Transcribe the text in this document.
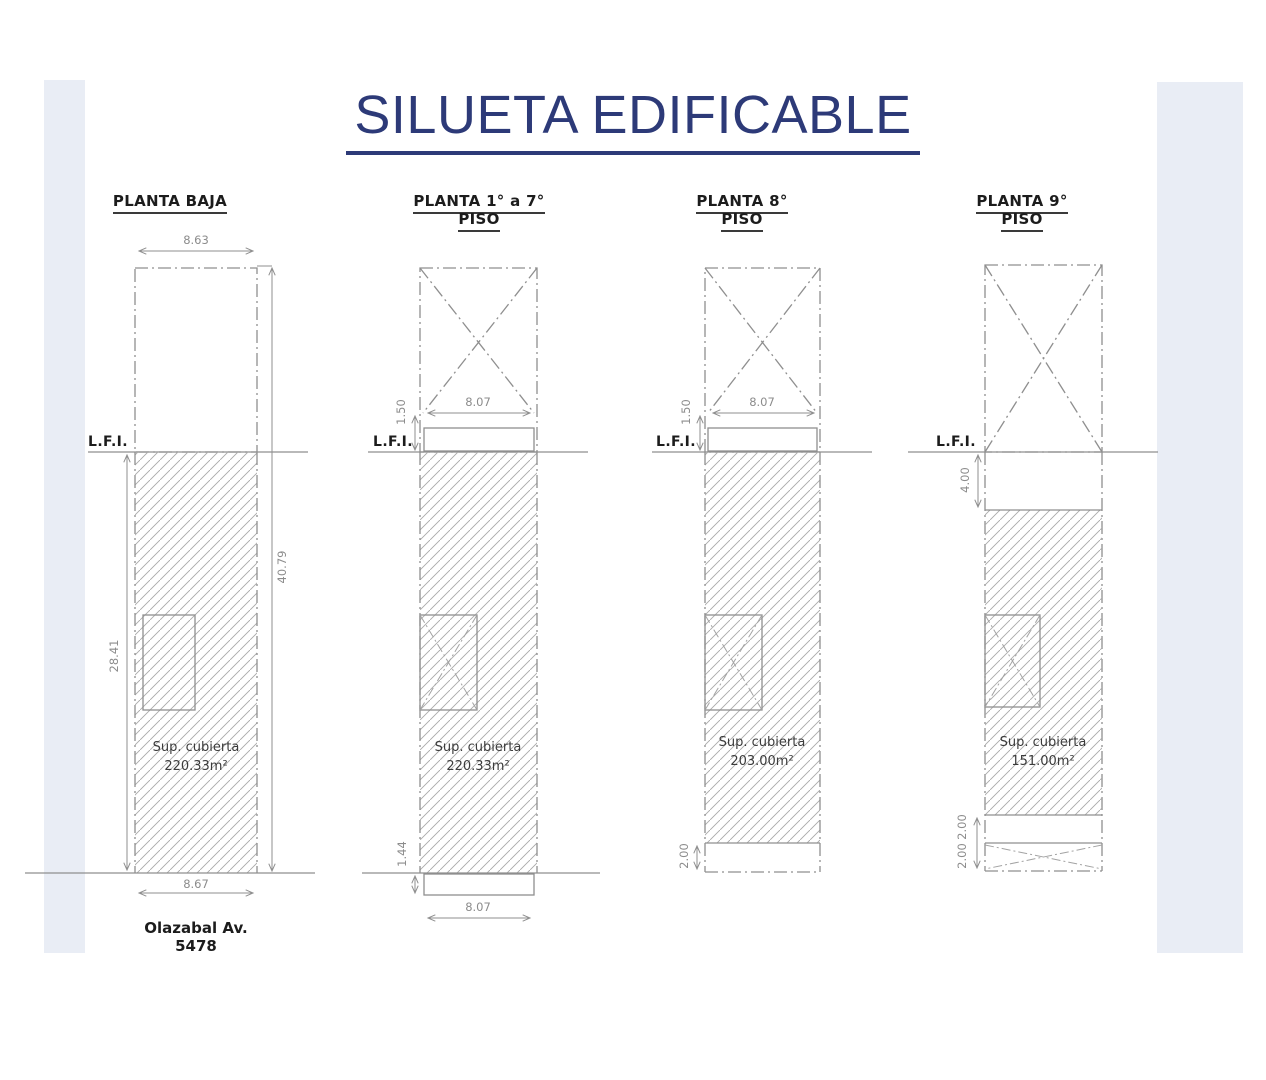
SILUETA EDIFICABLE
PLANTA BAJA	PLANTA 1° a 7° PISO
PLANTA 8° PISO
PLANTA 9° PISO
L.F.I.	L.F.I.	L.F.I.	L.F.I.
8.63
40.79
28.41
8.67
8.07
1.50
1.44
8.07
8.07
1.50
2.00
4.00
2.00
2.00
Sup. cubierta
220.33m²
Sup. cubierta
220.33m²
Sup. cubierta
203.00m²
Sup. cubierta
151.00m²
Olazabal Av. 5478
